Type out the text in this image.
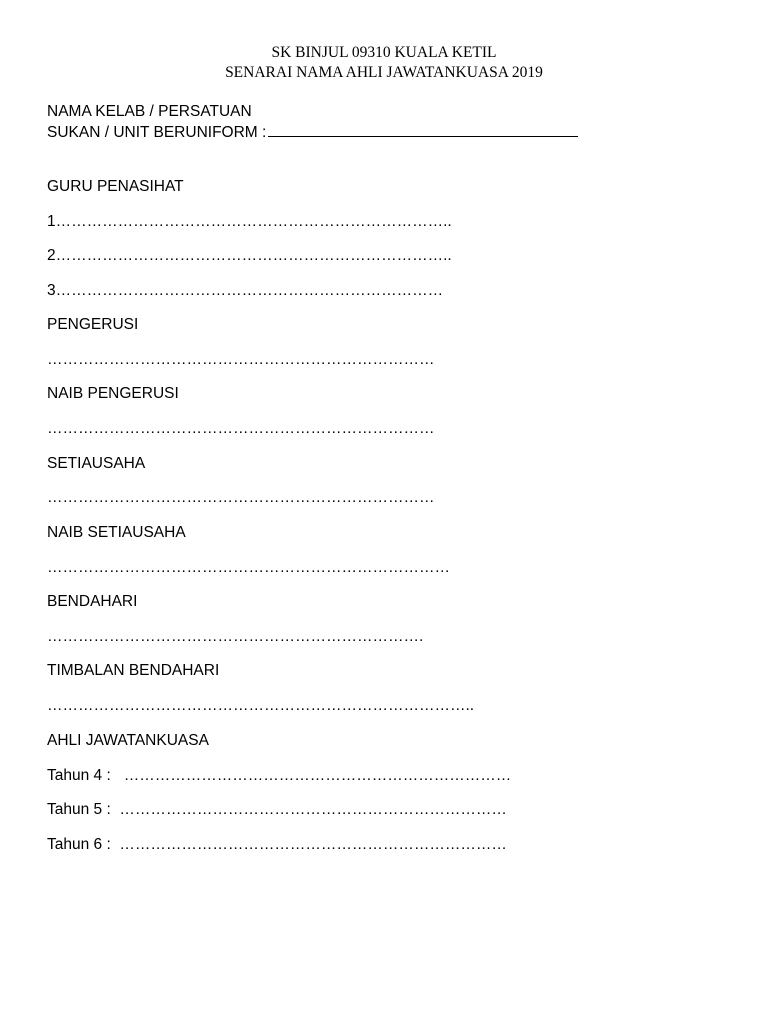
SK BINJUL 09310 KUALA KETIL
SENARAI NAMA AHLI JAWATANKUASA 2019
NAMA KELAB / PERSATUAN
SUKAN / UNIT BERUNIFORM :
GURU PENASIHAT
1…………………………………………………………………..
2…………………………………………………………………..
3…………………………………………………………………
PENGERUSI
…………………………………………………………………
NAIB PENGERUSI
…………………………………………………………………
SETIAUSAHA
…………………………………………………………………
NAIB SETIAUSAHA
……………………………………………………………………
BENDAHARI
……………………………………………………………….
TIMBALAN BENDAHARI
………………………………………………………………………..
AHLI JAWATANKUASA
Tahun 4 : …………………………………………………………………
Tahun 5 : …………………………………………………………………
Tahun 6 : …………………………………………………………………
